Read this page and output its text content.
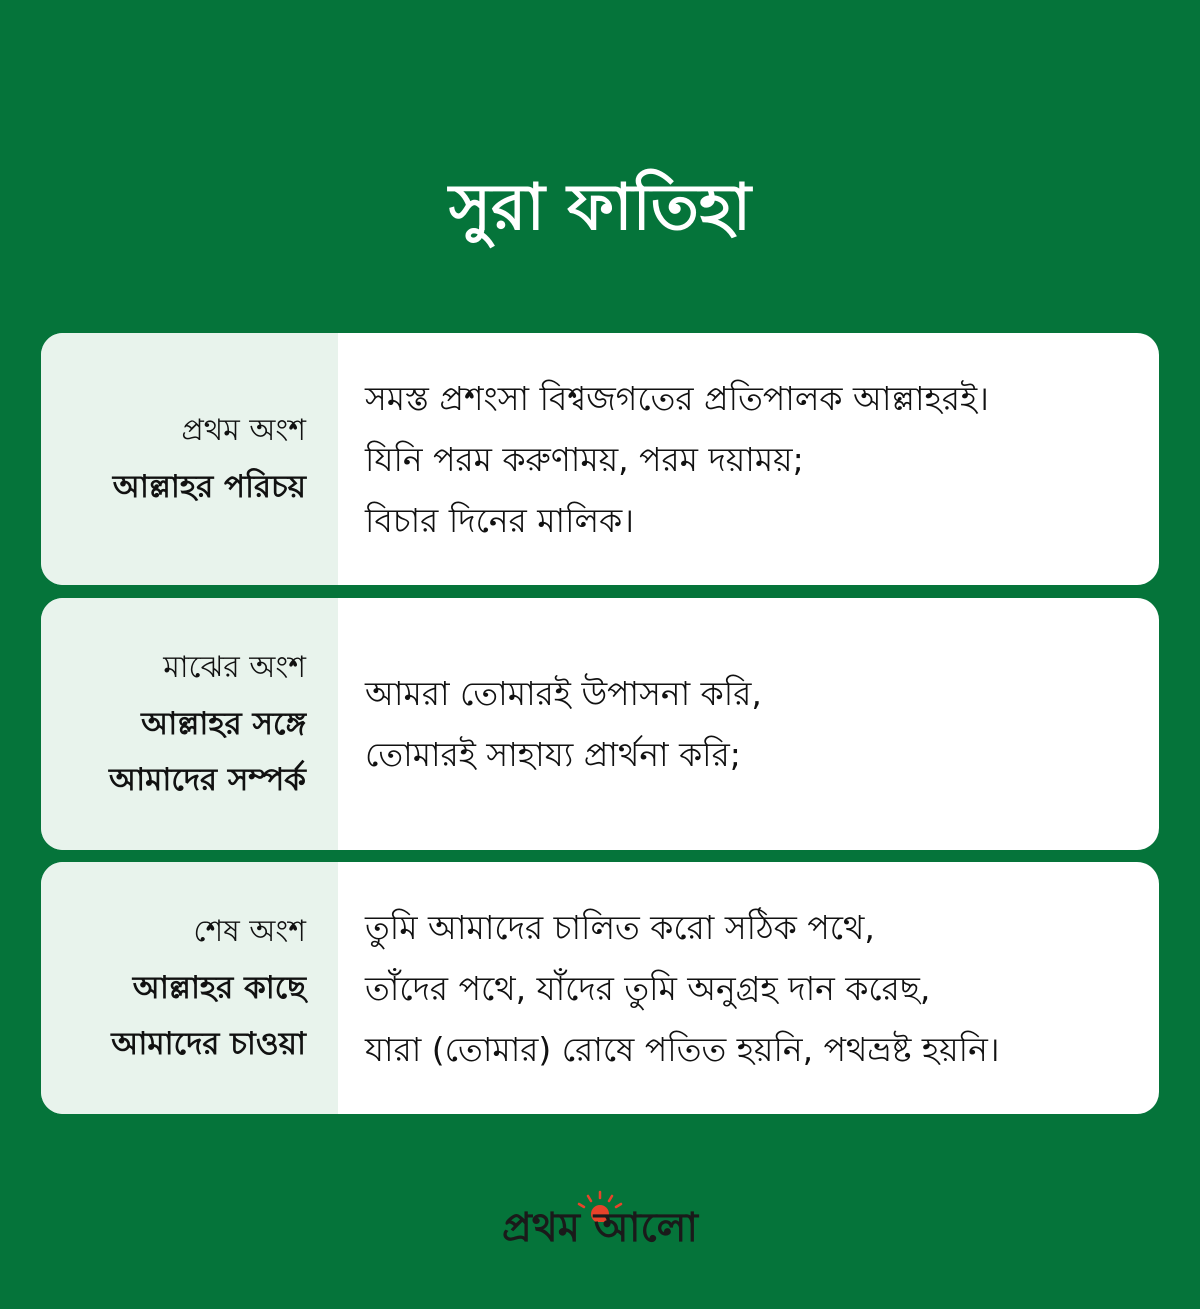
সুরা ফাতিহা
প্রথম অংশ
আল্লাহর পরিচয়
সমস্ত প্রশংসা বিশ্বজগতের প্রতিপালক আল্লাহরই।
যিনি পরম করুণাময়, পরম দয়াময়;
বিচার দিনের মালিক।
মাঝের অংশ
আল্লাহর সঙ্গে
আমাদের সম্পর্ক
আমরা তোমারই উপাসনা করি,
তোমারই সাহায্য প্রার্থনা করি;
শেষ অংশ
আল্লাহর কাছে
আমাদের চাওয়া
তুমি আমাদের চালিত করো সঠিক পথে,
তাঁদের পথে, যাঁদের তুমি অনুগ্রহ দান করেছ,
যারা (তোমার) রোষে পতিত হয়নি, পথভ্রষ্ট হয়নি।
প্রথম আলো
